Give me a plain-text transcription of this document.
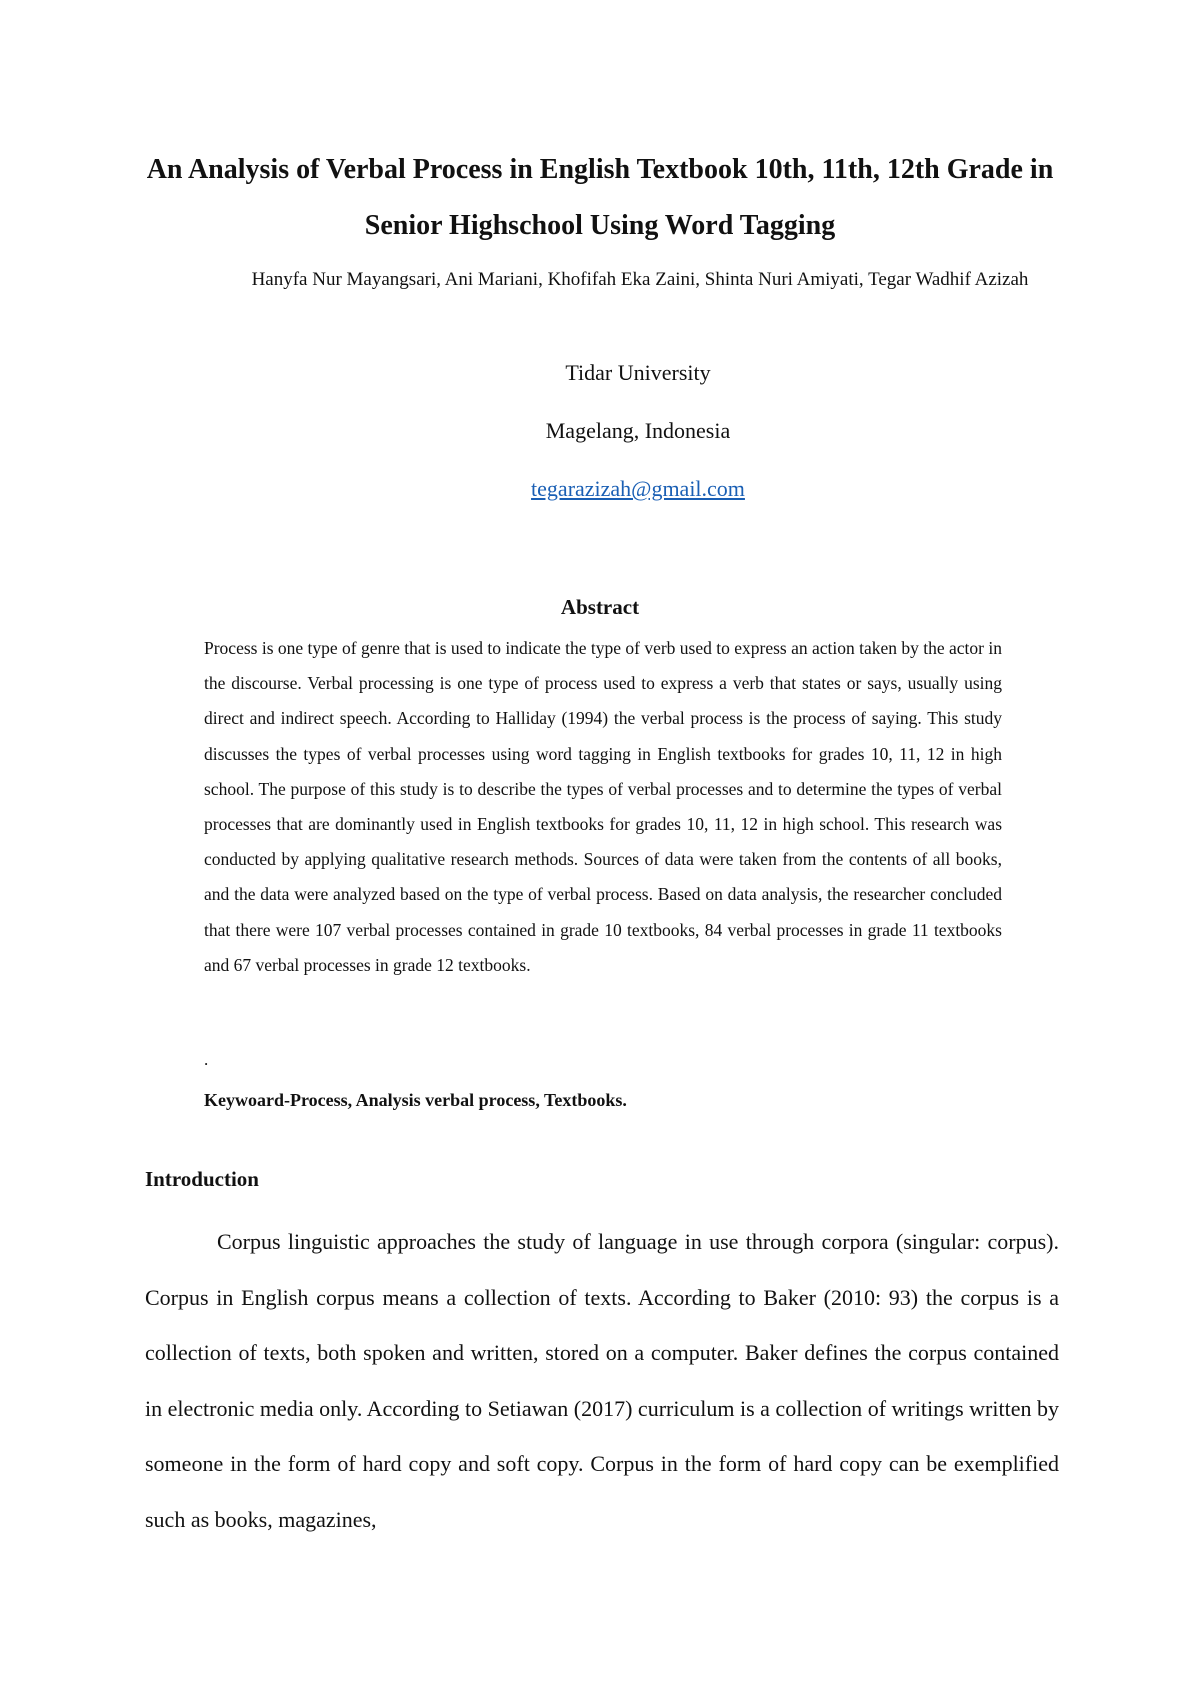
An Analysis of Verbal Process in English Textbook 10th, 11th, 12th Grade in Senior Highschool Using Word Tagging
Hanyfa Nur Mayangsari, Ani Mariani, Khofifah Eka Zaini, Shinta Nuri Amiyati, Tegar Wadhif Azizah
Tidar University
Magelang, Indonesia
tegarazizah@gmail.com
Abstract
Process is one type of genre that is used to indicate the type of verb used to express an action taken by the actor in the discourse. Verbal processing is one type of process used to express a verb that states or says, usually using direct and indirect speech. According to Halliday (1994) the verbal process is the process of saying. This study discusses the types of verbal processes using word tagging in English textbooks for grades 10, 11, 12 in high school. The purpose of this study is to describe the types of verbal processes and to determine the types of verbal processes that are dominantly used in English textbooks for grades 10, 11, 12 in high school. This research was conducted by applying qualitative research methods. Sources of data were taken from the contents of all books, and the data were analyzed based on the type of verbal process. Based on data analysis, the researcher concluded that there were 107 verbal processes contained in grade 10 textbooks, 84 verbal processes in grade 11 textbooks and 67 verbal processes in grade 12 textbooks.
.
Keywoard-Process, Analysis verbal process, Textbooks.
Introduction
Corpus linguistic approaches the study of language in use through corpora (singular: corpus). Corpus in English corpus means a collection of texts. According to Baker (2010: 93) the corpus is a collection of texts, both spoken and written, stored on a computer. Baker defines the corpus contained in electronic media only. According to Setiawan (2017) curriculum is a collection of writings written by someone in the form of hard copy and soft copy. Corpus in the form of hard copy can be exemplified such as books, magazines,
